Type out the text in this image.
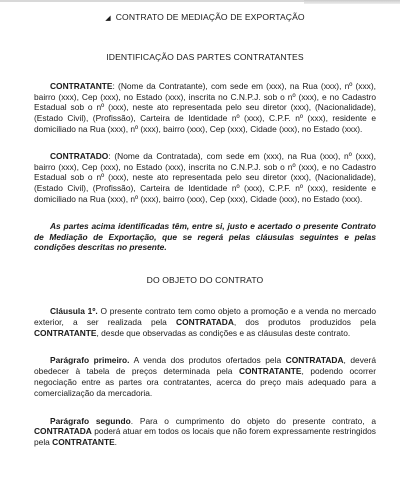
◢ CONTRATO DE MEDIAÇÃO DE EXPORTAÇÃO
IDENTIFICAÇÃO DAS PARTES CONTRATANTES

CONTRATANTE: (Nome da Contratante), com sede em (xxx), na Rua (xxx), nº (xxx), bairro (xxx), Cep (xxx), no Estado (xxx), inscrita no C.N.P.J. sob o nº (xxx), e no Cadastro Estadual sob o nº (xxx), neste ato representada pelo seu diretor (xxx), (Nacionalidade), (Estado Civil), (Profissão), Carteira de Identidade nº (xxx), C.P.F. nº (xxx), residente e domiciliado na Rua (xxx), nº (xxx), bairro (xxx), Cep (xxx), Cidade (xxx), no Estado (xxx).

CONTRATADO: (Nome da Contratada), com sede em (xxx), na Rua (xxx), nº (xxx), bairro (xxx), Cep (xxx), no Estado (xxx), inscrita no C.N.P.J. sob o nº (xxx), e no Cadastro Estadual sob o nº (xxx), neste ato representada pelo seu diretor (xxx), (Nacionalidade), (Estado Civil), (Profissão), Carteira de Identidade nº (xxx), C.P.F. nº (xxx), residente e domiciliado na Rua (xxx), nº (xxx), bairro (xxx), Cep (xxx), Cidade (xxx), no Estado (xxx).

As partes acima identificadas têm, entre si, justo e acertado o presente Contrato de Mediação de Exportação, que se regerá pelas cláusulas seguintes e pelas condições descritas no presente.

DO OBJETO DO CONTRATO

Cláusula 1º. O presente contrato tem como objeto a promoção e a venda no mercado exterior, a ser realizada pela CONTRATADA, dos produtos produzidos pela CONTRATANTE, desde que observadas as condições e as cláusulas deste contrato.

Parágrafo primeiro. A venda dos produtos ofertados pela CONTRATADA, deverá obedecer à tabela de preços determinada pela CONTRATANTE, podendo ocorrer negociação entre as partes ora contratantes, acerca do preço mais adequado para a comercialização da mercadoria.

Parágrafo segundo. Para o cumprimento do objeto do presente contrato, a CONTRATADA poderá atuar em todos os locais que não forem expressamente restringidos pela CONTRATANTE.
